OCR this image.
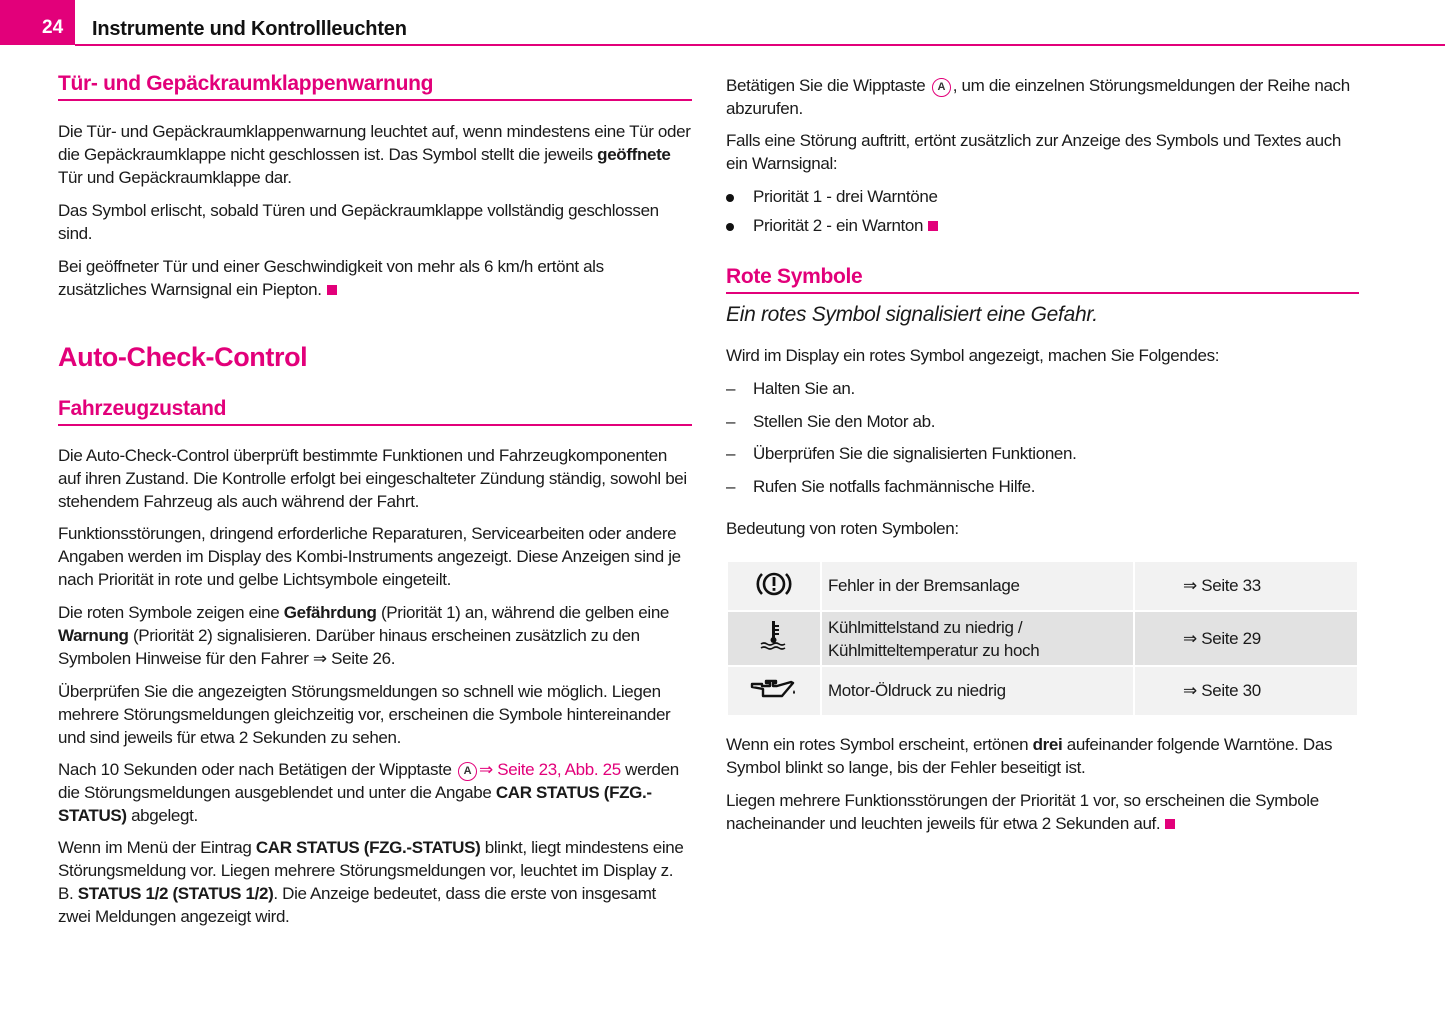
24	Instrumente und Kontrollleuchten
Tür- und Gepäckraumklappenwarnung

Die Tür- und Gepäckraumklappenwarnung leuchtet auf, wenn mindestens eine Tür oder die Gepäckraumklappe nicht geschlossen ist. Das Symbol stellt die jeweils geöffnete Tür und Gepäckraumklappe dar.

Das Symbol erlischt, sobald Türen und Gepäckraumklappe vollständig geschlossen sind.

Bei geöffneter Tür und einer Geschwindigkeit von mehr als 6 km/h ertönt als zusätzliches Warnsignal ein Piepton.

Auto-Check-Control
Fahrzeugzustand

Die Auto-Check-Control überprüft bestimmte Funktionen und Fahrzeugkomponenten auf ihren Zustand. Die Kontrolle erfolgt bei eingeschalteter Zündung ständig, sowohl bei stehendem Fahrzeug als auch während der Fahrt.

Funktionsstörungen, dringend erforderliche Reparaturen, Servicearbeiten oder andere Angaben werden im Display des Kombi-Instruments angezeigt. Diese Anzeigen sind je nach Priorität in rote und gelbe Lichtsymbole eingeteilt.

Die roten Symbole zeigen eine Gefährdung (Priorität 1) an, während die gelben eine Warnung (Priorität 2) signalisieren. Darüber hinaus erscheinen zusätzlich zu den Symbolen Hinweise für den Fahrer ⇒ Seite 26.

Überprüfen Sie die angezeigten Störungsmeldungen so schnell wie möglich. Liegen mehrere Störungsmeldungen gleichzeitig vor, erscheinen die Symbole hintereinander und sind jeweils für etwa 2 Sekunden zu sehen.

Nach 10 Sekunden oder nach Betätigen der Wipptaste A ⇒ Seite 23, Abb. 25 werden die Störungsmeldungen ausgeblendet und unter die Angabe CAR STATUS (FZG.-STATUS) abgelegt.

Wenn im Menü der Eintrag CAR STATUS (FZG.-STATUS) blinkt, liegt mindestens eine Störungsmeldung vor. Liegen mehrere Störungsmeldungen vor, leuchtet im Display z. B. STATUS 1/2 (STATUS 1/2). Die Anzeige bedeutet, dass die erste von insgesamt zwei Meldungen angezeigt wird.

Betätigen Sie die Wipptaste A , um die einzelnen Störungsmeldungen der Reihe nach abzurufen.

Falls eine Störung auftritt, ertönt zusätzlich zur Anzeige des Symbols und Textes auch ein Warnsignal:

Priorität 1 - drei Warntöne
Priorität 2 - ein Warnton
Rote Symbole
Ein rotes Symbol signalisiert eine Gefahr.

Wird im Display ein rotes Symbol angezeigt, machen Sie Folgendes:

– Halten Sie an.
– Stellen Sie den Motor ab.
– Überprüfen Sie die signalisierten Funktionen.
– Rufen Sie notfalls fachmännische Hilfe.

Bedeutung von roten Symbolen:

	Fehler in der Bremsanlage	⇒ Seite 33
	Kühlmittelstand zu niedrig / Kühlmitteltemperatur zu hoch	⇒ Seite 29
	Motor-Öldruck zu niedrig	⇒ Seite 30

Wenn ein rotes Symbol erscheint, ertönen drei aufeinander folgende Warntöne. Das Symbol blinkt so lange, bis der Fehler beseitigt ist.

Liegen mehrere Funktionsstörungen der Priorität 1 vor, so erscheinen die Symbole nacheinander und leuchten jeweils für etwa 2 Sekunden auf.
